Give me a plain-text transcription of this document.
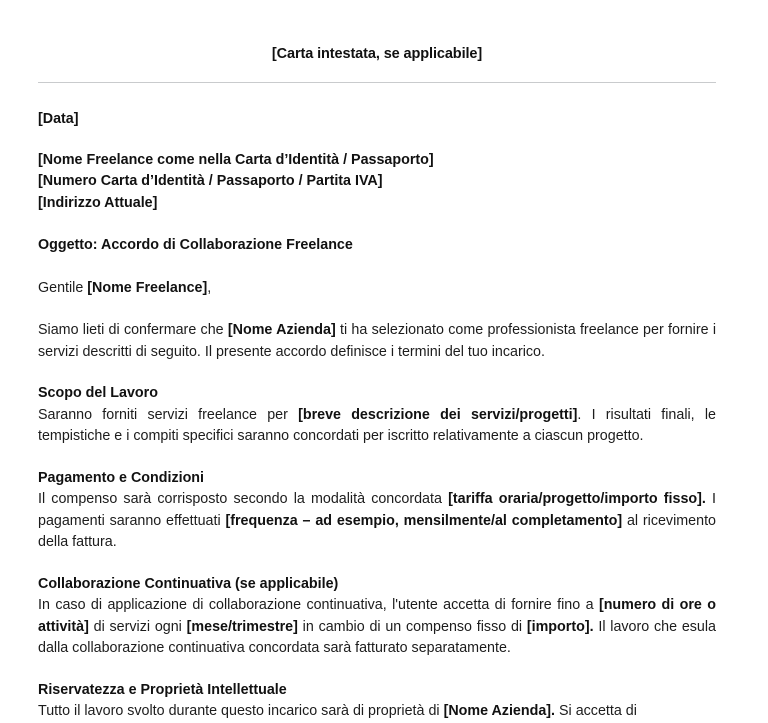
[Carta intestata, se applicabile]

[Data]

[Nome Freelance come nella Carta d’Identità / Passaporto]

[Numero Carta d’Identità / Passaporto / Partita IVA]

[Indirizzo Attuale]

Oggetto: Accordo di Collaborazione Freelance

Gentile [Nome Freelance],

Siamo lieti di confermare che [Nome Azienda] ti ha selezionato come professionista freelance per fornire i servizi descritti di seguito. Il presente accordo definisce i termini del tuo incarico.

Scopo del Lavoro

Saranno forniti servizi freelance per [breve descrizione dei servizi/progetti]. I risultati finali, le tempistiche e i compiti specifici saranno concordati per iscritto relativamente a ciascun progetto.

Pagamento e Condizioni

Il compenso sarà corrisposto secondo la modalità concordata [tariffa oraria/progetto/importo fisso]. I pagamenti saranno effettuati [frequenza – ad esempio, mensilmente/al completamento] al ricevimento della fattura.

Collaborazione Continuativa (se applicabile)

In caso di applicazione di collaborazione continuativa, l'utente accetta di fornire fino a [numero di ore o attività] di servizi ogni [mese/trimestre] in cambio di un compenso fisso di [importo]. Il lavoro che esula dalla collaborazione continuativa concordata sarà fatturato separatamente.

Riservatezza e Proprietà Intellettuale

Tutto il lavoro svolto durante questo incarico sarà di proprietà di [Nome Azienda]. Si accetta di
